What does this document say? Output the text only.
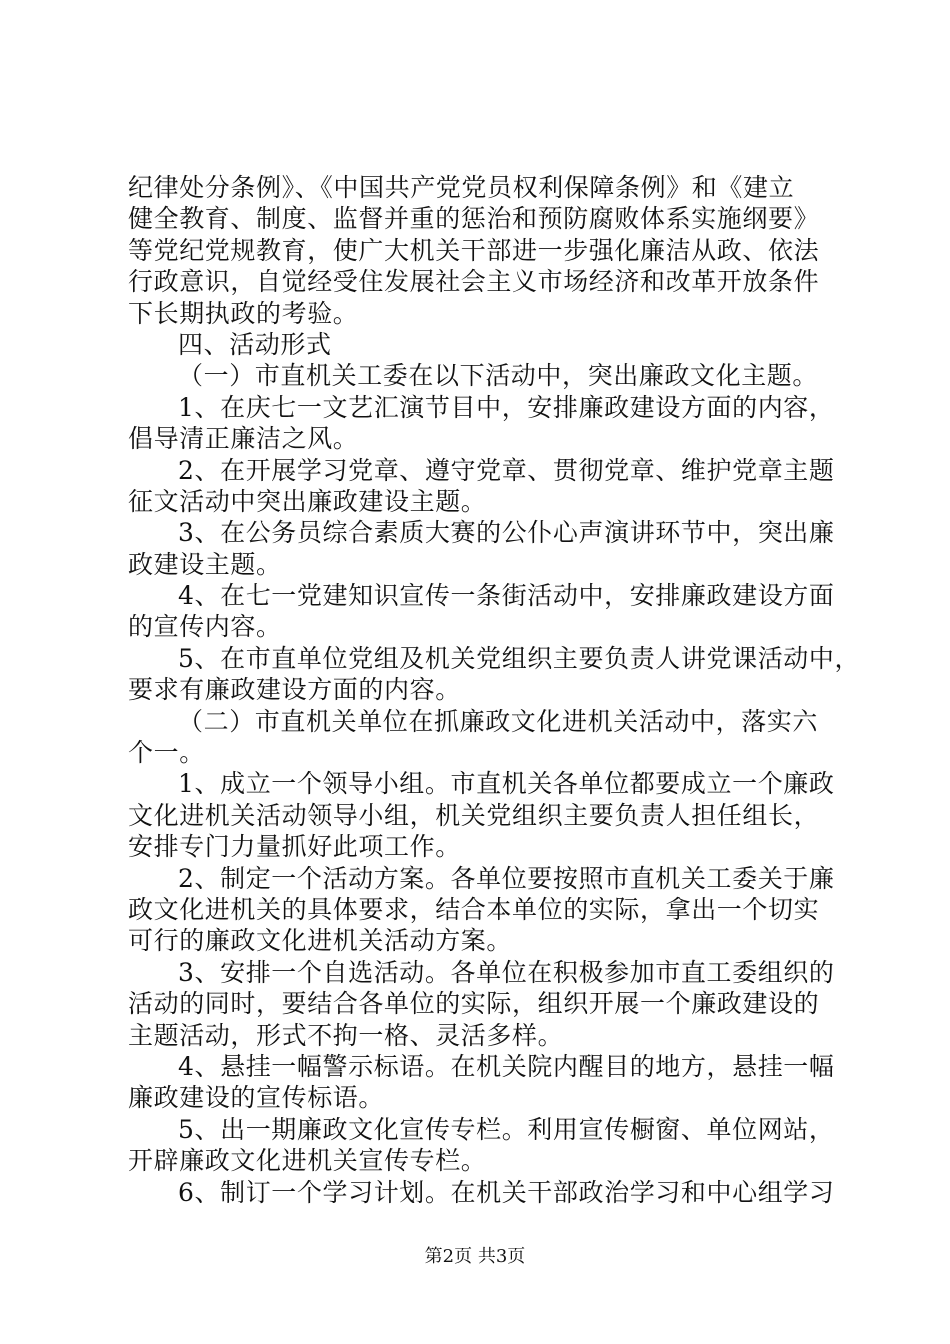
纪律处分条例》、《中国共产党党员权利保障条例》和《建立
健全教育、制度、监督并重的惩治和预防腐败体系实施纲要》
等党纪党规教育，使广大机关干部进一步强化廉洁从政、依法
行政意识，自觉经受住发展社会主义市场经济和改革开放条件
下长期执政的考验。
四、活动形式
（一）市直机关工委在以下活动中，突出廉政文化主题。
1、在庆七一文艺汇演节目中，安排廉政建设方面的内容，
倡导清正廉洁之风。
2、在开展学习党章、遵守党章、贯彻党章、维护党章主题
征文活动中突出廉政建设主题。
3、在公务员综合素质大赛的公仆心声演讲环节中，突出廉
政建设主题。
4、在七一党建知识宣传一条街活动中，安排廉政建设方面
的宣传内容。
5、在市直单位党组及机关党组织主要负责人讲党课活动中，
要求有廉政建设方面的内容。
（二）市直机关单位在抓廉政文化进机关活动中，落实六
个一。
1、成立一个领导小组。市直机关各单位都要成立一个廉政
文化进机关活动领导小组，机关党组织主要负责人担任组长，
安排专门力量抓好此项工作。
2、制定一个活动方案。各单位要按照市直机关工委关于廉
政文化进机关的具体要求，结合本单位的实际，拿出一个切实
可行的廉政文化进机关活动方案。
3、安排一个自选活动。各单位在积极参加市直工委组织的
活动的同时，要结合各单位的实际，组织开展一个廉政建设的
主题活动，形式不拘一格、灵活多样。
4、悬挂一幅警示标语。在机关院内醒目的地方，悬挂一幅
廉政建设的宣传标语。
5、出一期廉政文化宣传专栏。利用宣传橱窗、单位网站，
开辟廉政文化进机关宣传专栏。
6、制订一个学习计划。在机关干部政治学习和中心组学习
第2页 共3页
